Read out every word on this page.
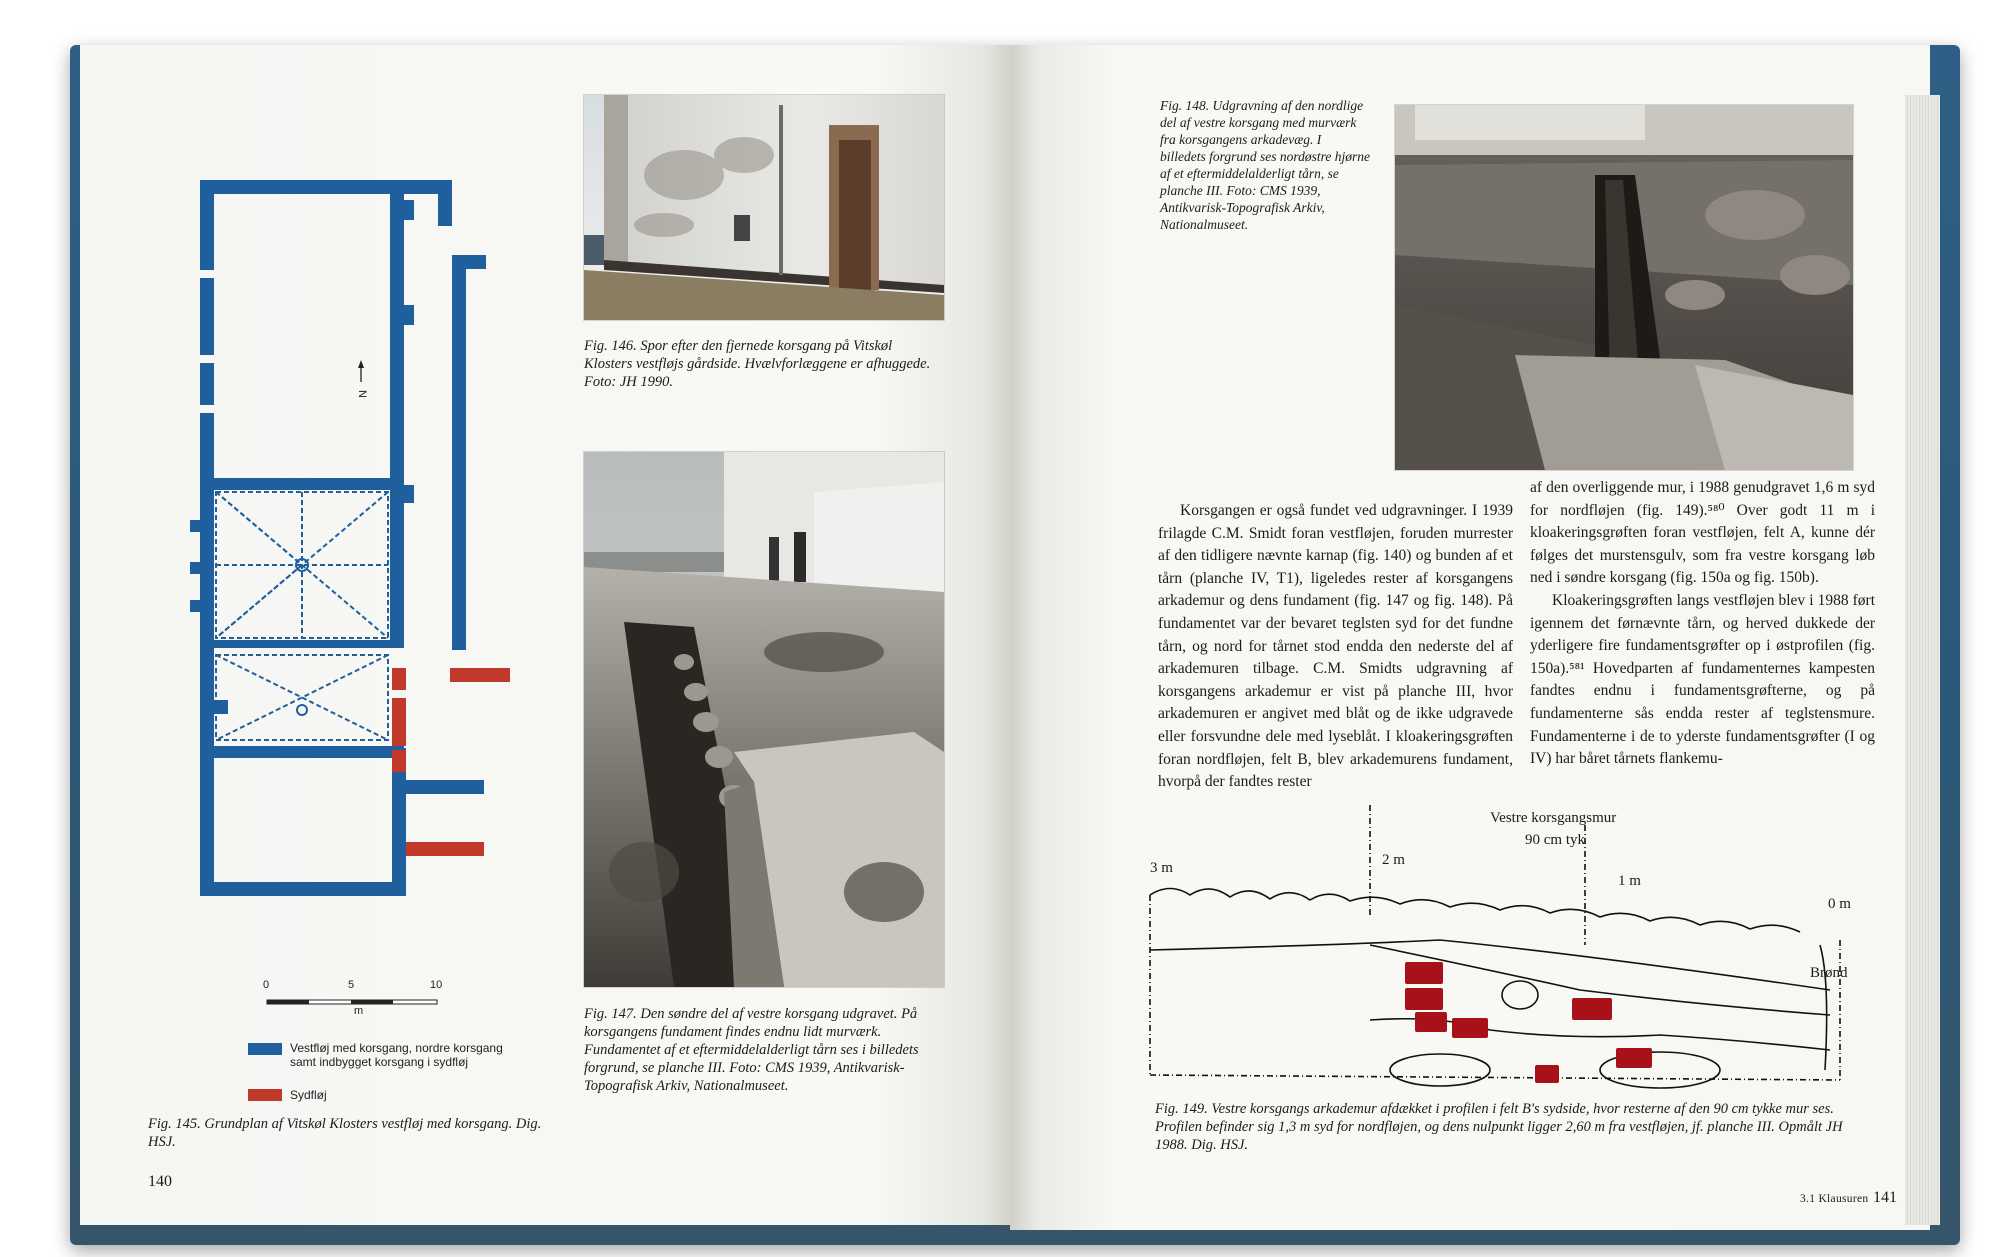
N
0	5	10
m
Vestfløj med korsgang, nordre korsgang samt indbygget korsgang i sydfløj
Sydfløj
Fig. 145. Grundplan af Vitskøl Klosters vestfløj med korsgang. Dig. HSJ.
Fig. 146. Spor efter den fjernede korsgang på Vitskøl Klosters vestfløjs gårdside. Hvælvforlæggene er afhuggede. Foto: JH 1990.
Fig. 147. Den søndre del af vestre korsgang udgravet. På korsgangens fundament findes endnu lidt murværk. Fundamentet af et eftermiddelalderligt tårn ses i billedets forgrund, se planche III. Foto: CMS 1939, Antikvarisk-Topografisk Arkiv, Nationalmuseet.
140
Fig. 148. Udgravning af den nordlige del af vestre korsgang med murværk fra korsgangens arkadevæg. I billedets forgrund ses nordøstre hjørne af et eftermiddelalderligt tårn, se planche III. Foto: CMS 1939, Antikvarisk-Topografisk Arkiv, Nationalmuseet.

Korsgangen er også fundet ved udgravninger. I 1939 frilagde C.M. Smidt foran vestfløjen, foruden murrester af den tidligere nævnte karnap (fig. 140) og bunden af et tårn (planche IV, T1), ligeledes rester af korsgangens arkademur og dens fundament (fig. 147 og fig. 148). På fundamentet var der bevaret teglsten syd for det fundne tårn, og nord for tårnet stod endda den nederste del af arkademuren tilbage. C.M. Smidts udgravning af korsgangens arkademur er vist på planche III, hvor arkademuren er angivet med blåt og de ikke udgravede eller forsvundne dele med lyseblåt. I kloakeringsgrøften foran nordfløjen, felt B, blev arkademurens fundament, hvorpå der fandtes rester

af den overliggende mur, i 1988 genudgravet 1,6 m syd for nordfløjen (fig. 149).⁵⁸⁰ Over godt 11 m i kloakeringsgrøften foran vestfløjen, felt A, kunne dér følges det murstensgulv, som fra vestre korsgang løb ned i søndre korsgang (fig. 150a og fig. 150b).

Kloakeringsgrøften langs vestfløjen blev i 1988 ført igennem det førnævnte tårn, og herved dukkede der yderligere fire fundamentsgrøfter op i østprofilen (fig. 150a).⁵⁸¹ Hovedparten af fundamenternes kampesten fandtes endnu i fundamentsgrøfterne, og på fundamenterne sås endda rester af teglstensmure. Fundamenterne i de to yderste fundamentsgrøfter (I og IV) har båret tårnets flankemu-

Vestre korsgangsmur
90 cm tyk
3 m	2 m
1 m
0 m
Brønd
Fig. 149. Vestre korsgangs arkademur afdækket i profilen i felt B's sydside, hvor resterne af den 90 cm tykke mur ses. Profilen befinder sig 1,3 m syd for nordfløjen, og dens nulpunkt ligger 2,60 m fra vestfløjen, jf. planche III. Opmålt JH 1988. Dig. HSJ.
3.1 Klausuren 141
